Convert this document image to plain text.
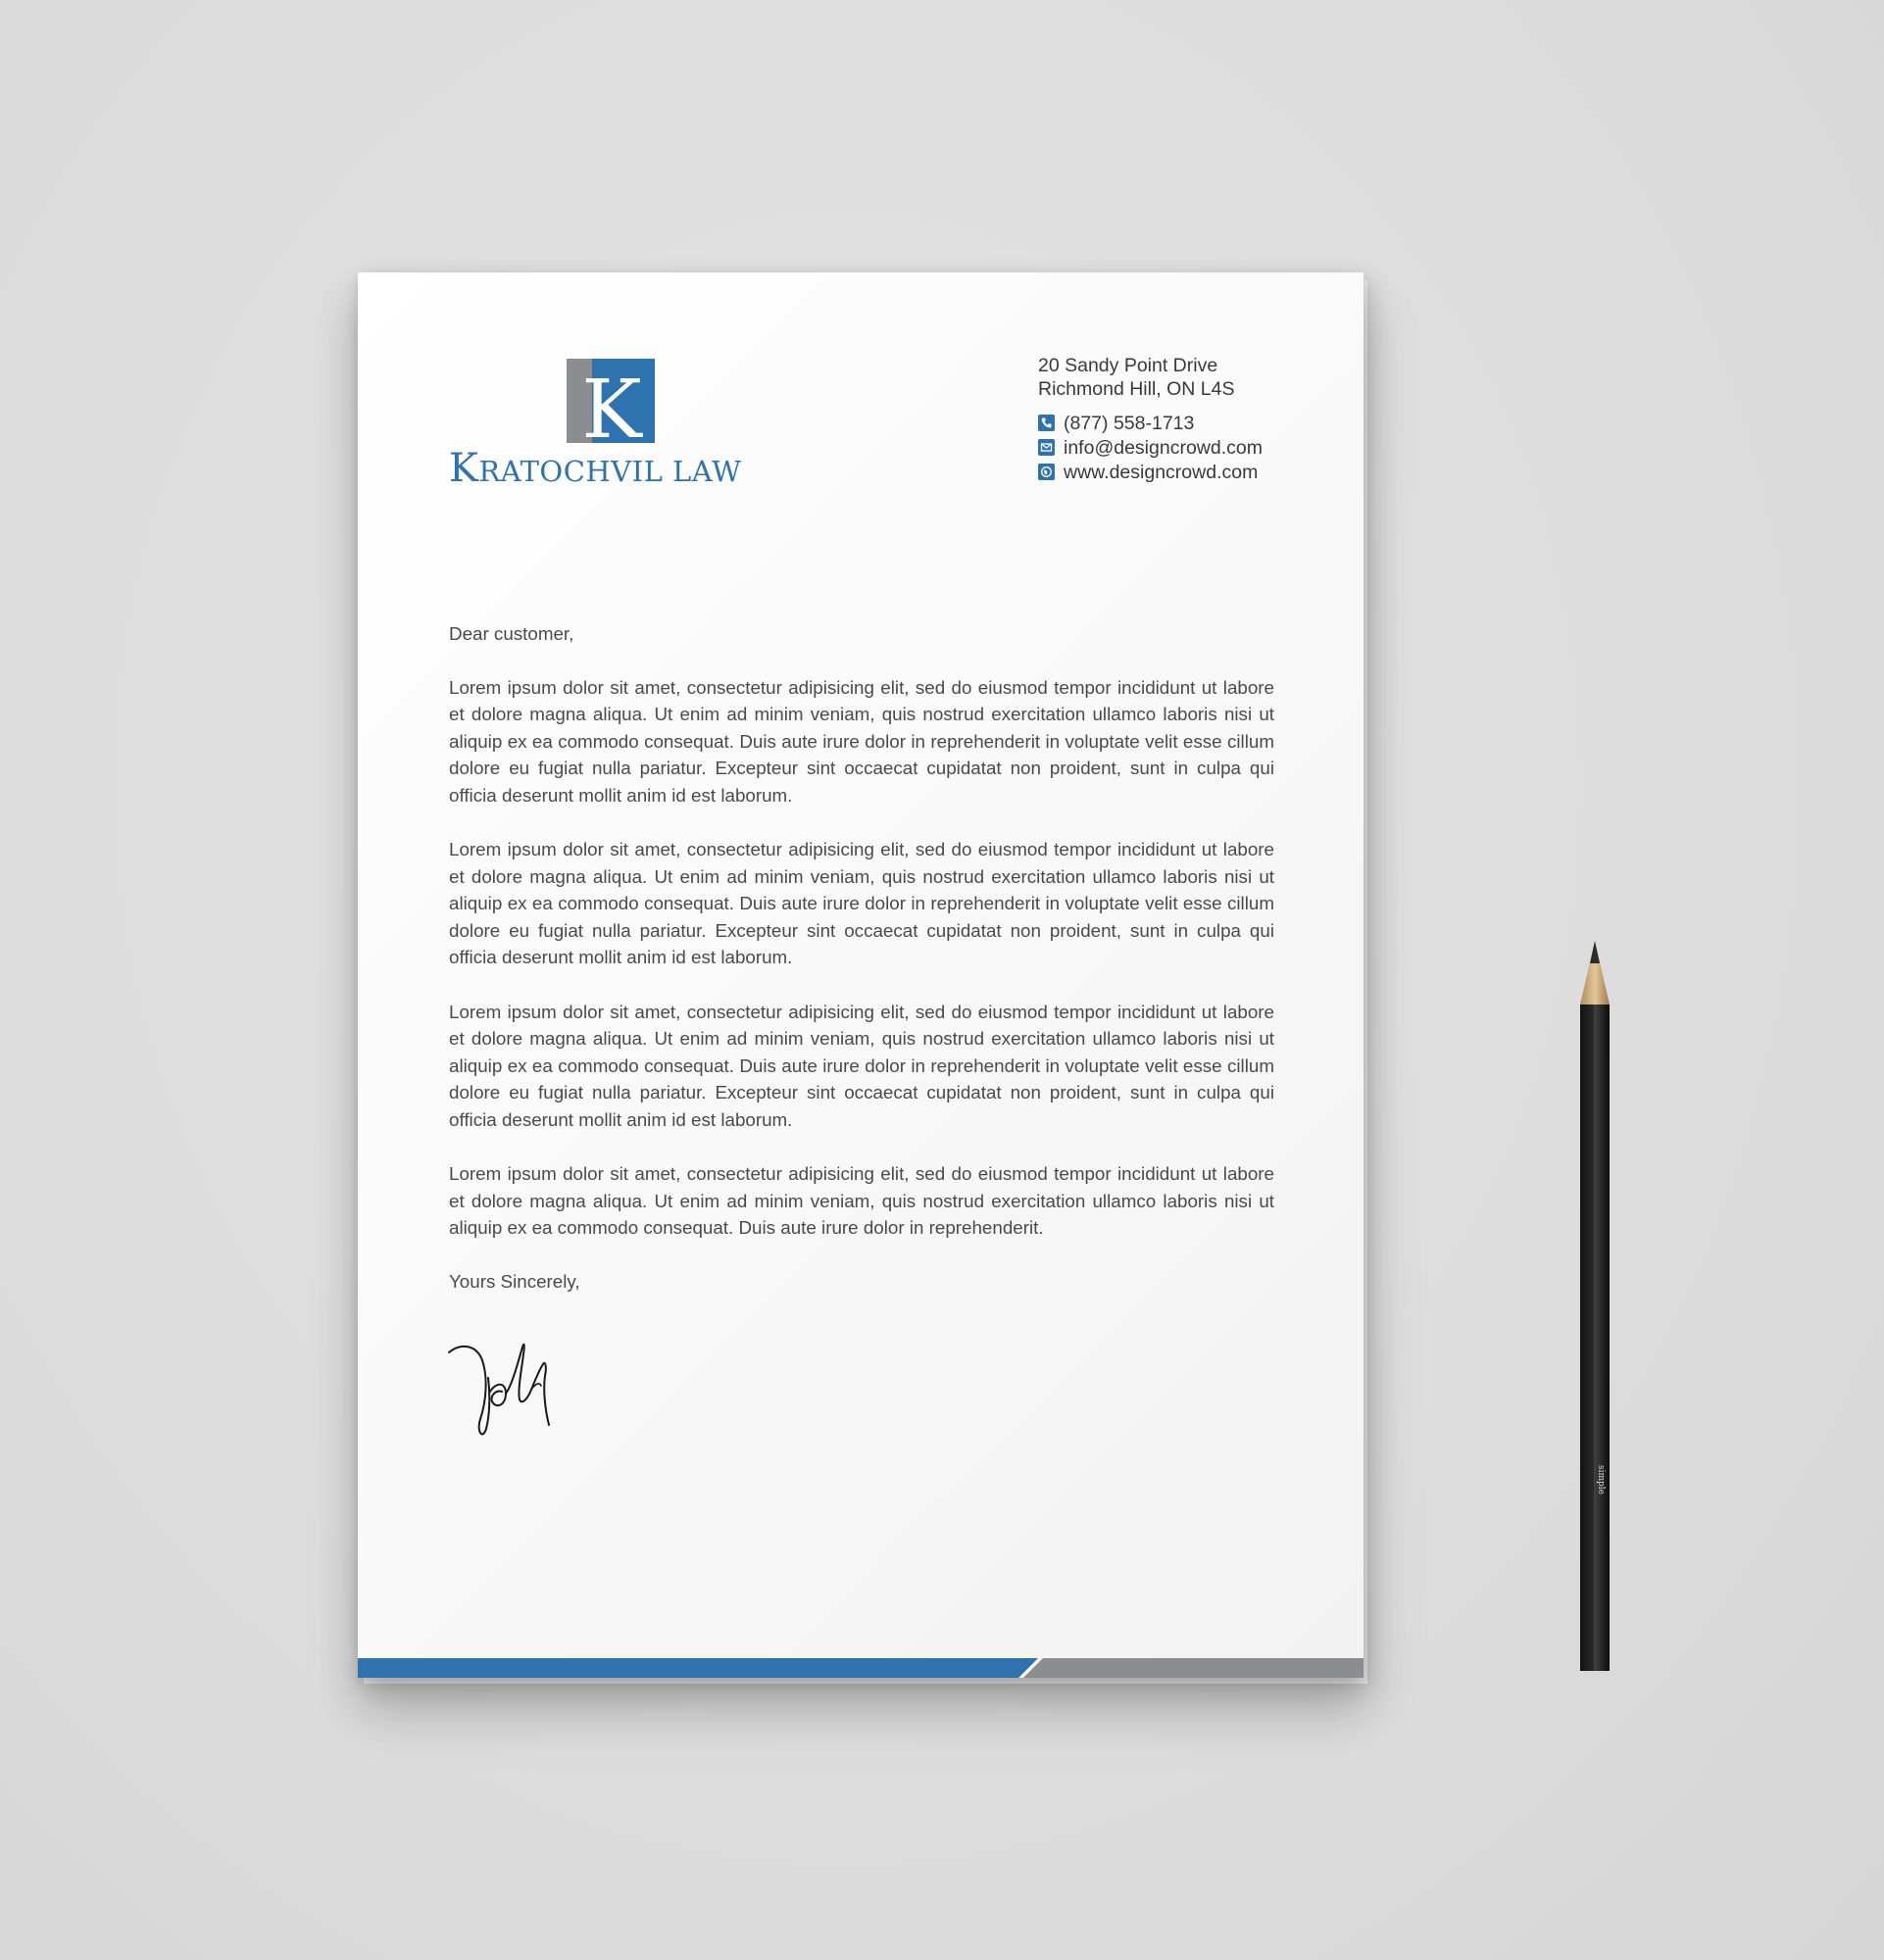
K
KRATOCHVIL LAW
20 Sandy Point Drive
Richmond Hill, ON L4S
(877) 558-1713
info@designcrowd.com
www.designcrowd.com

Dear customer,

Lorem ipsum dolor sit amet, consectetur adipisicing elit, sed do eiusmod tempor incididunt ut labore et dolore magna aliqua. Ut enim ad minim veniam, quis nostrud exercitation ullamco laboris nisi ut aliquip ex ea commodo consequat. Duis aute irure dolor in reprehenderit in voluptate velit esse cillum dolore eu fugiat nulla pariatur. Excepteur sint occaecat cupidatat non proident, sunt in culpa qui officia deserunt mollit anim id est laborum.

Lorem ipsum dolor sit amet, consectetur adipisicing elit, sed do eiusmod tempor incididunt ut labore et dolore magna aliqua. Ut enim ad minim veniam, quis nostrud exercitation ullamco laboris nisi ut aliquip ex ea commodo consequat. Duis aute irure dolor in reprehenderit in voluptate velit esse cillum dolore eu fugiat nulla pariatur. Excepteur sint occaecat cupidatat non proident, sunt in culpa qui officia deserunt mollit anim id est laborum.

Lorem ipsum dolor sit amet, consectetur adipisicing elit, sed do eiusmod tempor incididunt ut labore et dolore magna aliqua. Ut enim ad minim veniam, quis nostrud exercitation ullamco laboris nisi ut aliquip ex ea commodo consequat. Duis aute irure dolor in reprehenderit in voluptate velit esse cillum dolore eu fugiat nulla pariatur. Excepteur sint occaecat cupidatat non proident, sunt in culpa qui officia deserunt mollit anim id est laborum.

Lorem ipsum dolor sit amet, consectetur adipisicing elit, sed do eiusmod tempor incididunt ut labore et dolore magna aliqua. Ut enim ad minim veniam, quis nostrud exercitation ullamco laboris nisi ut aliquip ex ea commodo consequat. Duis aute irure dolor in reprehenderit.

Yours Sincerely,

simple
